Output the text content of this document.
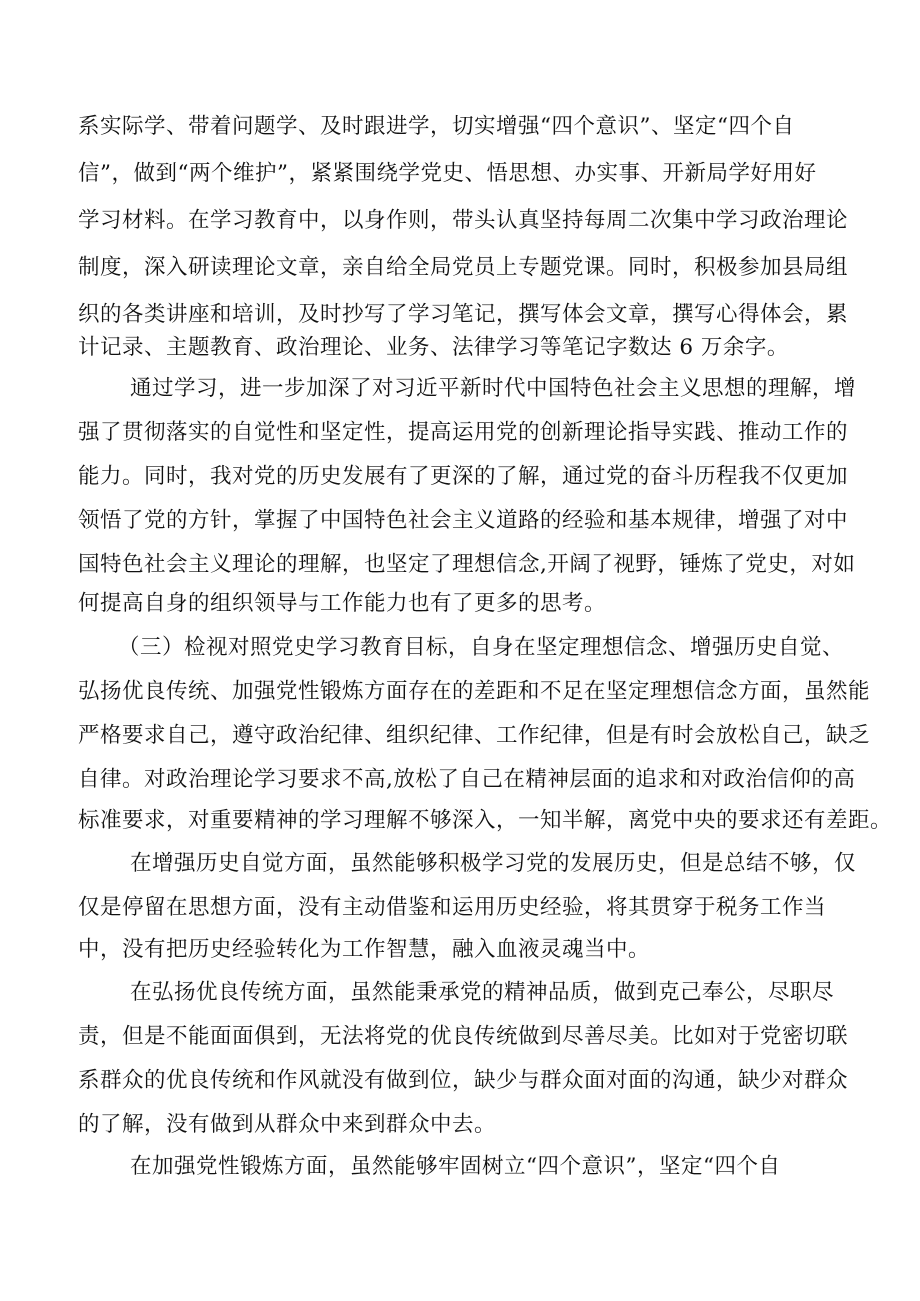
系实际学、带着问题学、及时跟进学，切实增强“四个意识”、坚定“四个自
信”，做到“两个维护”，紧紧围绕学党史、悟思想、办实事、开新局学好用好
学习材料。在学习教育中，以身作则，带头认真坚持每周二次集中学习政治理论
制度，深入研读理论文章，亲自给全局党员上专题党课。同时，积极参加县局组
织的各类讲座和培训，及时抄写了学习笔记，撰写体会文章，撰写心得体会，累
计记录、主题教育、政治理论、业务、法律学习等笔记字数达 6 万余字。
通过学习，进一步加深了对习近平新时代中国特色社会主义思想的理解，增
强了贯彻落实的自觉性和坚定性，提高运用党的创新理论指导实践、推动工作的
能力。同时，我对党的历史发展有了更深的了解，通过党的奋斗历程我不仅更加
领悟了党的方针，掌握了中国特色社会主义道路的经验和基本规律，增强了对中
国特色社会主义理论的理解，也坚定了理想信念,开阔了视野，锤炼了党史，对如
何提高自身的组织领导与工作能力也有了更多的思考。
（三）检视对照党史学习教育目标，自身在坚定理想信念、增强历史自觉、
弘扬优良传统、加强党性锻炼方面存在的差距和不足在坚定理想信念方面，虽然能
严格要求自己，遵守政治纪律、组织纪律、工作纪律，但是有时会放松自己，缺乏
自律。对政治理论学习要求不高,放松了自己在精神层面的追求和对政治信仰的高
标准要求，对重要精神的学习理解不够深入，一知半解，离党中央的要求还有差距。
在增强历史自觉方面，虽然能够积极学习党的发展历史，但是总结不够，仅
仅是停留在思想方面，没有主动借鉴和运用历史经验，将其贯穿于税务工作当
中，没有把历史经验转化为工作智慧，融入血液灵魂当中。
在弘扬优良传统方面，虽然能秉承党的精神品质，做到克己奉公，尽职尽
责，但是不能面面俱到，无法将党的优良传统做到尽善尽美。比如对于党密切联
系群众的优良传统和作风就没有做到位，缺少与群众面对面的沟通，缺少对群众
的了解，没有做到从群众中来到群众中去。
在加强党性锻炼方面，虽然能够牢固树立“四个意识”，坚定“四个自
